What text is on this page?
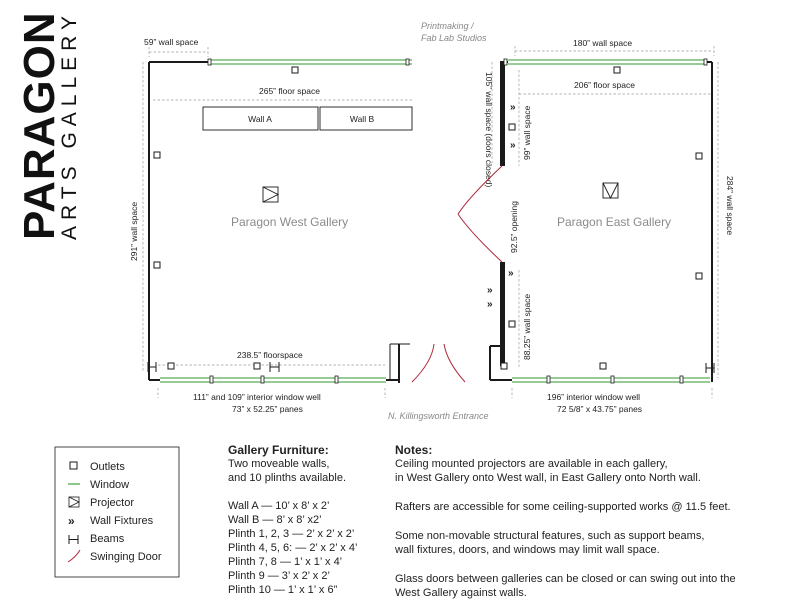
PARAGON
ARTS GALLERY	Printmaking /
Fab Lab Studios
Wall A	Wall B
59” wall space
265” floor space
291” wall space
238.5” floorspace
Paragon West Gallery
111” and 109” interior window well
73” x 52.25” panes
»
»
»
»
»
180” wall space
206” floor space
284” wall space
105” wall space (doors closed)	99” wall space
88.25” wall space
92.5” opening	Paragon East Gallery
196” interior window well
72 5/8” x 43.75” panes
N. Killingsworth Entrance
Outlets
Window
Projector
» Wall Fixtures
Beams
Swinging Door
Gallery Furniture:
Two moveable walls,
and 10 plinths available.
Wall A — 10’ x 8’ x 2’
Wall B — 8’ x 8’ x2’
Plinth 1, 2, 3 — 2’ x 2’ x 2’
Plinth 4, 5, 6: — 2’ x 2’ x 4’
Plinth 7, 8 — 1’ x 1’ x 4’
Plinth 9 — 3’ x 2’ x 2’
Plinth 10 — 1’ x 1’ x 6”
Notes:
Ceiling mounted projectors are available in each gallery,
in West Gallery onto West wall, in East Gallery onto North wall.
Rafters are accessible for some ceiling-supported works @ 11.5 feet.
Some non-movable structural features, such as support beams,
wall fixtures, doors, and windows may limit wall space.
Glass doors between galleries can be closed or can swing out into the
West Gallery against walls.
